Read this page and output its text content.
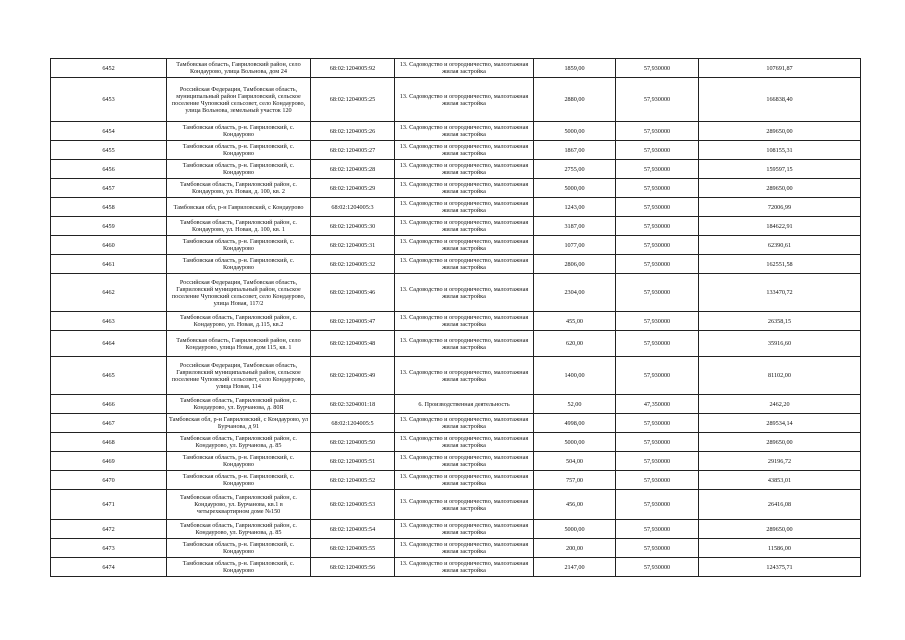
6452	Тамбовская область, Гавриловский район, село Кондаурово, улица Вольнова, дом 24	68:02:1204005:92	13. Садоводство и огородничество, малоэтажная жилая застройка	1859,00	57,930000	107691,87
6453	Российская Федерация, Тамбовская область, муниципальный район Гавриловский, сельское поселение Чуповский сельсовет, село Кондаурово, улица Вольнова, земельный участок 120	68:02:1204005:25	13. Садоводство и огородничество, малоэтажная жилая застройка	2880,00	57,930000	166838,40
6454	Тамбовская область, р-н. Гавриловский, с. Кондаурово	68:02:1204005:26	13. Садоводство и огородничество, малоэтажная жилая застройка	5000,00	57,930000	289650,00
6455	Тамбовская область, р-н. Гавриловский, с. Кондаурово	68:02:1204005:27	13. Садоводство и огородничество, малоэтажная жилая застройка	1867,00	57,930000	108155,31
6456	Тамбовская область, р-н. Гавриловский, с. Кондаурово	68:02:1204005:28	13. Садоводство и огородничество, малоэтажная жилая застройка	2755,00	57,930000	159597,15
6457	Тамбовская область, Гавриловский район, с. Кондаурово, ул. Новая, д. 100, кв. 2	68:02:1204005:29	13. Садоводство и огородничество, малоэтажная жилая застройка	5000,00	57,930000	289650,00
6458	Тамбовская обл, р-н Гавриловский, с Кондаурово	68:02:1204005:3	13. Садоводство и огородничество, малоэтажная жилая застройка	1243,00	57,930000	72006,99
6459	Тамбовская область, Гавриловский район, с. Кондаурово, ул. Новая, д. 100, кв. 1	68:02:1204005:30	13. Садоводство и огородничество, малоэтажная жилая застройка	3187,00	57,930000	184622,91
6460	Тамбовская область, р-н. Гавриловский, с. Кондаурово	68:02:1204005:31	13. Садоводство и огородничество, малоэтажная жилая застройка	1077,00	57,930000	62390,61
6461	Тамбовская область, р-н. Гавриловский, с. Кондаурово	68:02:1204005:32	13. Садоводство и огородничество, малоэтажная жилая застройка	2806,00	57,930000	162551,58
6462	Российская Федерация, Тамбовская область, Гавриловский муниципальный район, сельское поселение Чуповский сельсовет, село Кондаурово, улица Новая, 117/2	68:02:1204005:46	13. Садоводство и огородничество, малоэтажная жилая застройка	2304,00	57,930000	133470,72
6463	Тамбовская область, Гавриловский район, с. Кондаурово, ул. Новая, д.115, кв.2	68:02:1204005:47	13. Садоводство и огородничество, малоэтажная жилая застройка	455,00	57,930000	26358,15
6464	Тамбовская область, Гавриловский район, село Кондаурово, улица Новая, дом 115, кв. 1	68:02:1204005:48	13. Садоводство и огородничество, малоэтажная жилая застройка	620,00	57,930000	35916,60
6465	Российская Федерация, Тамбовская область, Гавриловский муниципальный район, сельское поселение Чуповский сельсовет, село Кондаурово, улица Новая, 114	68:02:1204005:49	13. Садоводство и огородничество, малоэтажная жилая застройка	1400,00	57,930000	81102,00
6466	Тамбовская область, Гавриловский район, с. Кондаурово, ул. Бурчанова, д. 80Я	68:02:3204001:18	6. Производственная деятельность	52,00	47,350000	2462,20
6467	Тамбовская обл, р-н Гавриловский, с Кондаурово, ул Бурчанова, д 91	68:02:1204005:5	13. Садоводство и огородничество, малоэтажная жилая застройка	4998,00	57,930000	289534,14
6468	Тамбовская область, Гавриловский район, с. Кондаурово, ул. Бурчанова, д. 85	68:02:1204005:50	13. Садоводство и огородничество, малоэтажная жилая застройка	5000,00	57,930000	289650,00
6469	Тамбовская область, р-н. Гавриловский, с. Кондаурово	68:02:1204005:51	13. Садоводство и огородничество, малоэтажная жилая застройка	504,00	57,930000	29196,72
6470	Тамбовская область, р-н. Гавриловский, с. Кондаурово	68:02:1204005:52	13. Садоводство и огородничество, малоэтажная жилая застройка	757,00	57,930000	43853,01
6471	Тамбовская область, Гавриловский район, с. Кондаурово, ул. Бурчанова, кв.1 в четырехквартирном доме №150	68:02:1204005:53	13. Садоводство и огородничество, малоэтажная жилая застройка	456,00	57,930000	26416,08
6472	Тамбовская область, Гавриловский район, с. Кондаурово, ул. Бурчанова, д. 85	68:02:1204005:54	13. Садоводство и огородничество, малоэтажная жилая застройка	5000,00	57,930000	289650,00
6473	Тамбовская область, р-н. Гавриловский, с. Кондаурово	68:02:1204005:55	13. Садоводство и огородничество, малоэтажная жилая застройка	200,00	57,930000	11586,00
6474	Тамбовская область, р-н. Гавриловский, с. Кондаурово	68:02:1204005:56	13. Садоводство и огородничество, малоэтажная жилая застройка	2147,00	57,930000	124375,71
